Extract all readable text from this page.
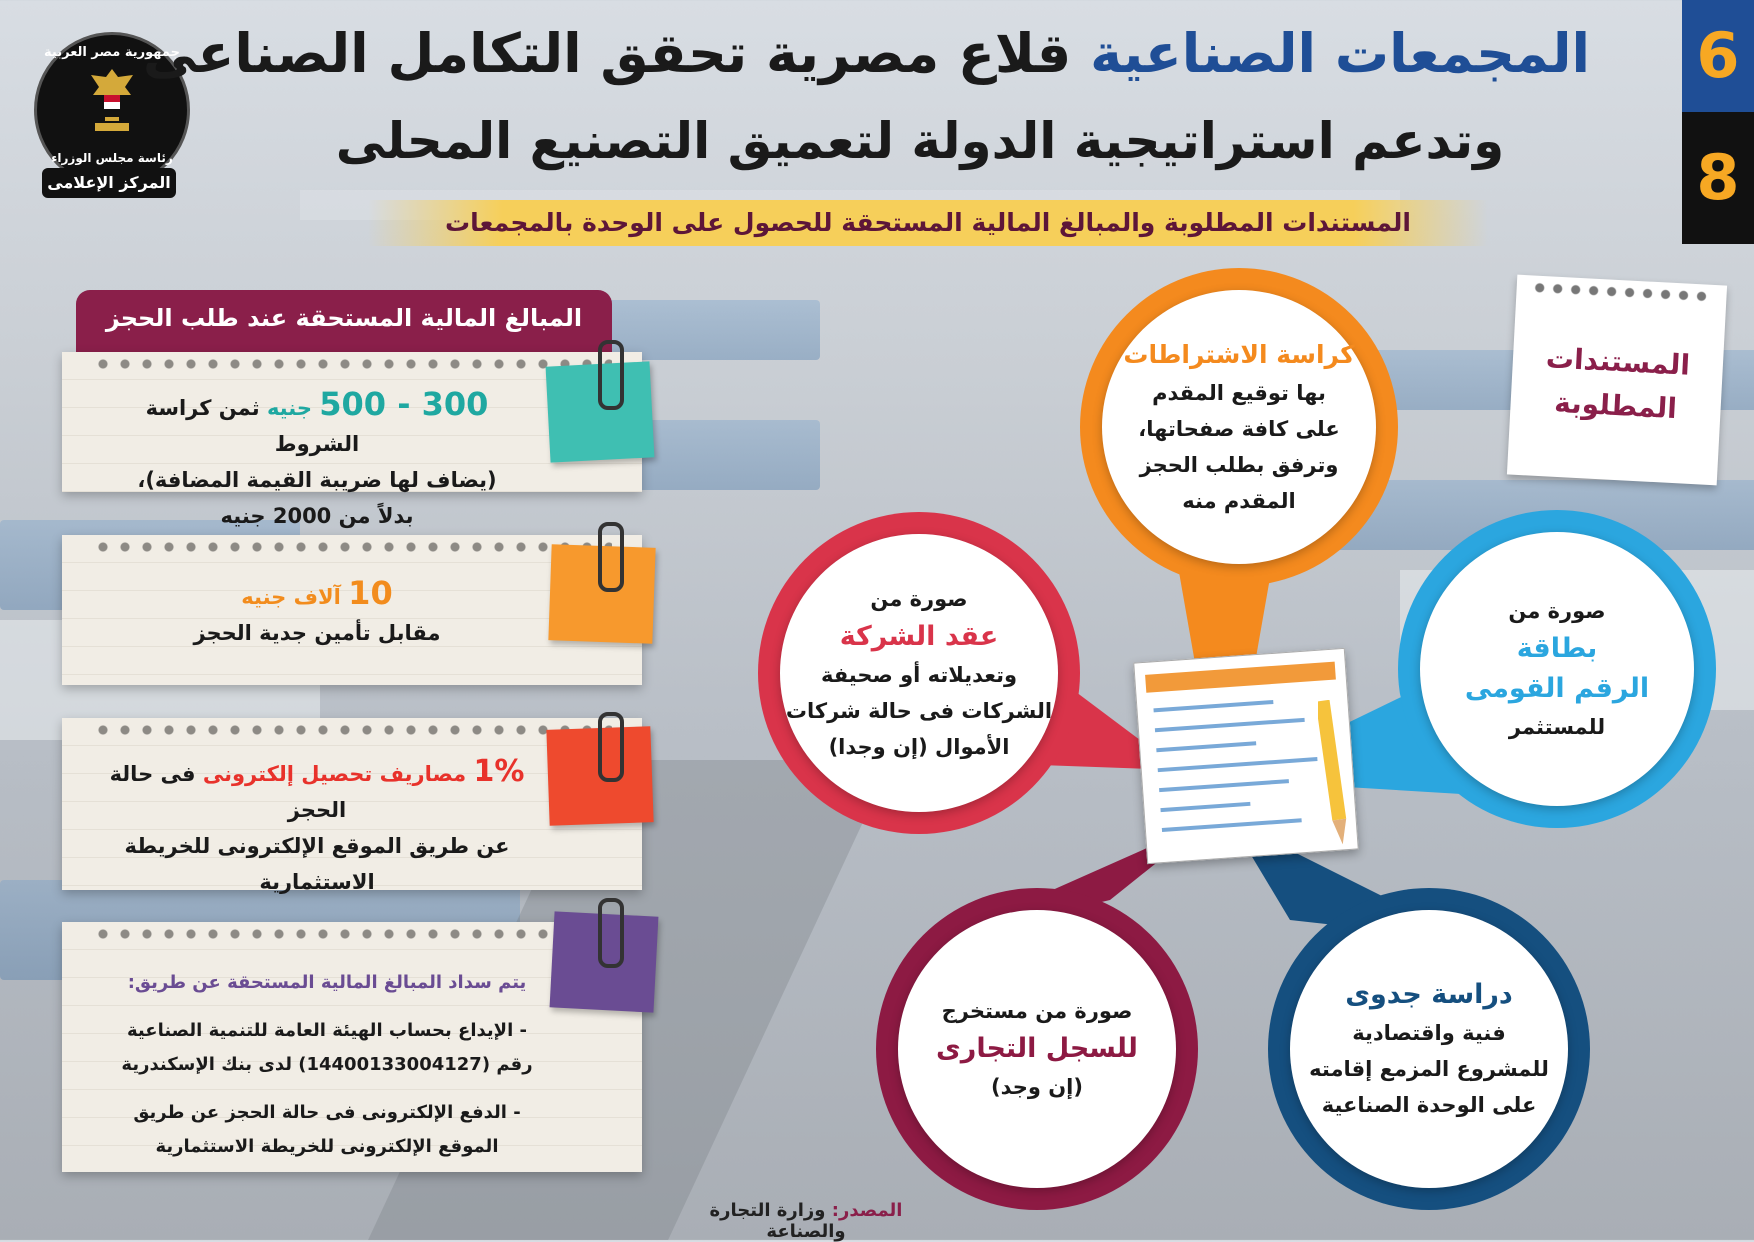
6
8
جمهورية مصر العربية
رئاسة مجلس الوزراء
المركز الإعلامى
المجمعات الصناعية قلاع مصرية تحقق التكامل الصناعى
وتدعم استراتيجية الدولة لتعميق التصنيع المحلى
المستندات المطلوبة والمبالغ المالية المستحقة للحصول على الوحدة بالمجمعات
المبالغ المالية المستحقة عند طلب الحجز
300 - 500 جنيه ثمن كراسة الشروط
(يضاف لها ضريبة القيمة المضافة)،
بدلاً من 2000 جنيه
10 آلاف جنيه
مقابل تأمين جدية الحجز
1% مصاريف تحصيل إلكترونى فى حالة الحجز
عن طريق الموقع الإلكترونى للخريطة
الاستثمارية
يتم سداد المبالغ المالية المستحقة عن طريق:
- الإيداع بحساب الهيئة العامة للتنمية الصناعية
رقم (14400133004127) لدى بنك الإسكندرية
- الدفع الإلكترونى فى حالة الحجز عن طريق
الموقع الإلكترونى للخريطة الاستثمارية
المصدر: وزارة التجارة والصناعة
المستندات
المطلوبة
كراسة الاشتراطات
بها توقيع المقدم
على كافة صفحاتها،
وترفق بطلب الحجز
المقدم منه
صورة من
عقد الشركة
وتعديلاته أو صحيفة
الشركات فى حالة شركات
الأموال (إن وجدا)
صورة من
بطاقة
الرقم القومى
للمستثمر
صورة من مستخرج
للسجل التجارى
(إن وجد)
دراسة جدوى
فنية واقتصادية
للمشروع المزمع إقامته
على الوحدة الصناعية
